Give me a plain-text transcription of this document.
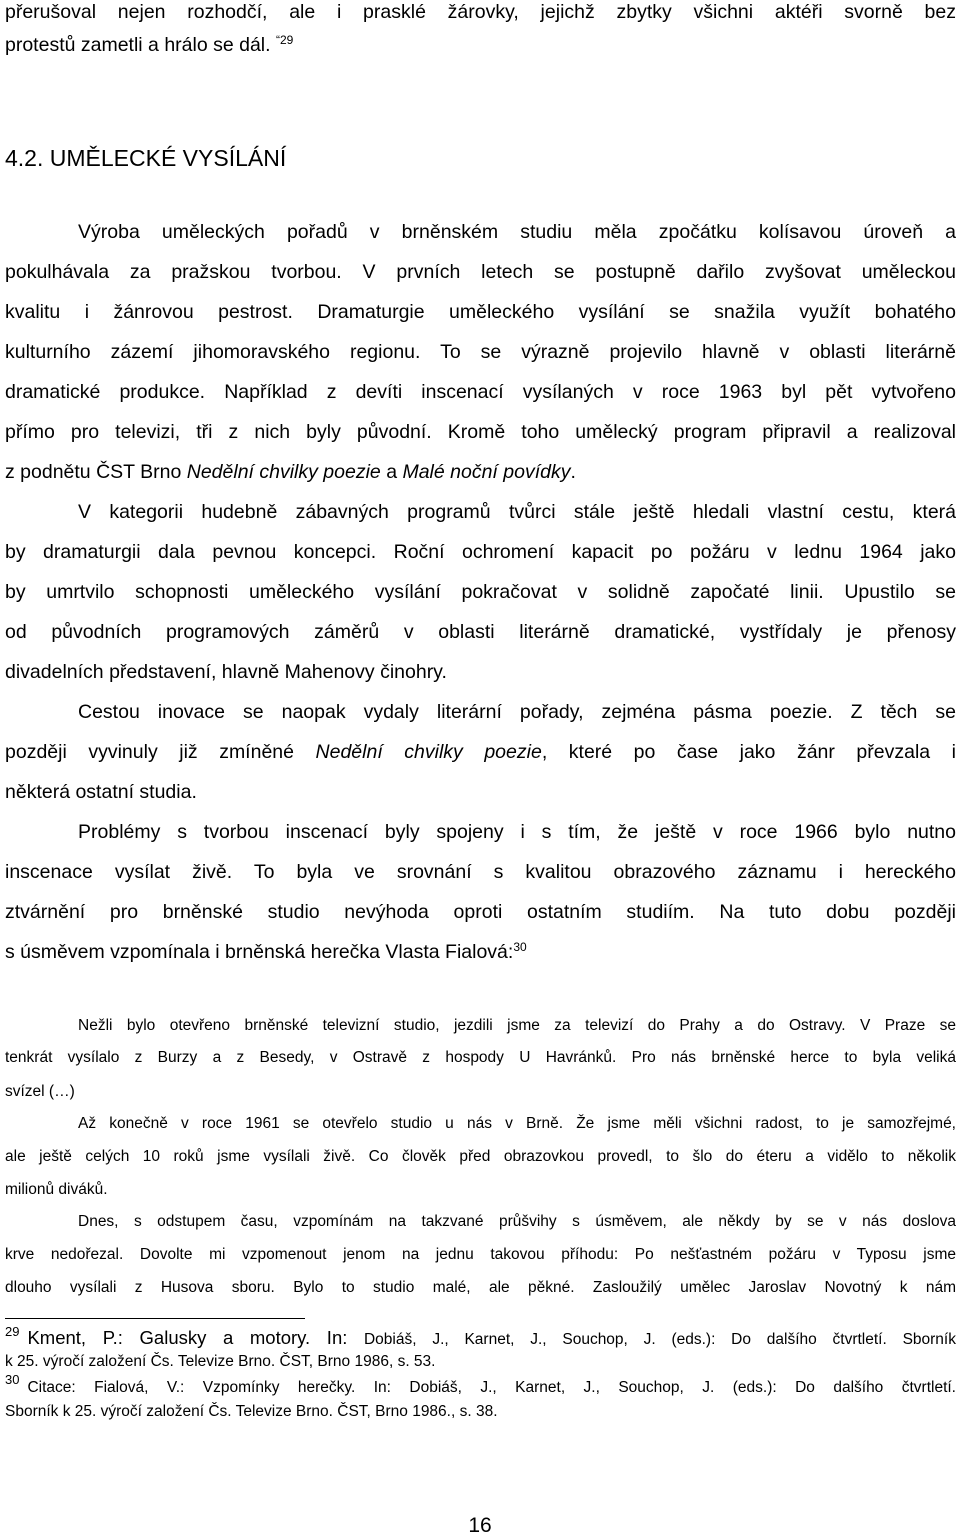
přerušoval nejen rozhodčí, ale i prasklé žárovky, jejichž zbytky všichni aktéři svorně bez
protestů zametli a hrálo se dál. $^{“29}$
4.2. UMĚLECKÉ VYSÍLÁNÍ
Výroba uměleckých pořadů v brněnském studiu měla zpočátku kolísavou úroveň a
pokulhávala za pražskou tvorbou. V prvních letech se postupně dařilo zvyšovat uměleckou
kvalitu i žánrovou pestrost. Dramaturgie uměleckého vysílání se snažila využít bohatého
kulturního zázemí jihomoravského regionu. To se výrazně projevilo hlavně v oblasti literárně
dramatické produkce. Například z devíti inscenací vysílaných v roce 1963 byl pět vytvořeno
přímo pro televizi, tři z nich byly původní. Kromě toho umělecký program připravil a realizoval
z podnětu ČST Brno Nedělní chvilky poezie a Malé noční povídky.
V kategorii hudebně zábavných programů tvůrci stále ještě hledali vlastní cestu, která
by dramaturgii dala pevnou koncepci. Roční ochromení kapacit po požáru v lednu 1964 jako
by umrtvilo schopnosti uměleckého vysílání pokračovat v solidně započaté linii. Upustilo se
od původních programových záměrů v oblasti literárně dramatické, vystřídaly je přenosy
divadelních představení, hlavně Mahenovy činohry.
Cestou inovace se naopak vydaly literární pořady, zejména pásma poezie. Z těch se
později vyvinuly již zmíněné Nedělní chvilky poezie, které po čase jako žánr převzala i
některá ostatní studia.
Problémy s tvorbou inscenací byly spojeny i s tím, že ještě v roce 1966 bylo nutno
inscenace vysílat živě. To byla ve srovnání s kvalitou obrazového záznamu i hereckého
ztvárnění pro brněnské studio nevýhoda oproti ostatním studiím. Na tuto dobu později
s úsměvem vzpomínala i brněnská herečka Vlasta Fialová:$^{30}$
Nežli bylo otevřeno brněnské televizní studio, jezdili jsme za televizí do Prahy a do Ostravy. V Praze se
tenkrát vysílalo z Burzy a z Besedy, v Ostravě z hospody U Havránků. Pro nás brněnské herce to byla veliká
svízel (…)
Až konečně v roce 1961 se otevřelo studio u nás v Brně. Že jsme měli všichni radost, to je samozřejmé,
ale ještě celých 10 roků jsme vysílali živě. Co člověk před obrazovkou provedl, to šlo do éteru a vidělo to několik
milionů diváků.
Dnes, s odstupem času, vzpomínám na takzvané průšvihy s úsměvem, ale někdy by se v nás doslova
krve nedořezal. Dovolte mi vzpomenout jenom na jednu takovou příhodu: Po nešťastném požáru v Typosu jsme
dlouho vysílali z Husova sboru. Bylo to studio malé, ale pěkné. Zasloužilý umělec Jaroslav Novotný k nám
$^{29}$ Kment, P.: Galusky a motory. In: Dobiáš, J., Karnet, J., Souchop, J. (eds.): Do dalšího čtvrtletí. Sborník
k 25. výročí založení Čs. Televize Brno. ČST, Brno 1986, s. 53.
$^{30}$ Citace: Fialová, V.: Vzpomínky herečky. In: Dobiáš, J., Karnet, J., Souchop, J. (eds.): Do dalšího čtvrtletí.
Sborník k 25. výročí založení Čs. Televize Brno. ČST, Brno 1986., s. 38.
16
